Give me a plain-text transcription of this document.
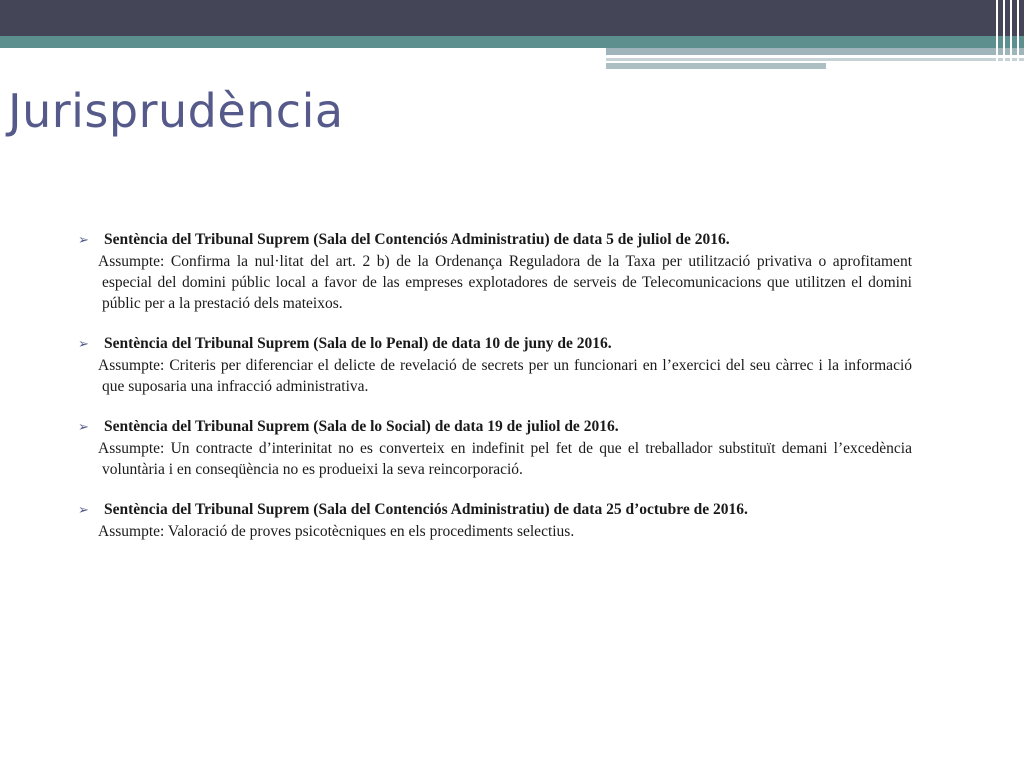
Jurisprudència
➢ Sentència del Tribunal Suprem (Sala del Contenciós Administratiu) de data 5 de juliol de 2016.
Assumpte: Confirma la nul·litat del art. 2 b) de la Ordenança Reguladora de la Taxa per utilització privativa o aprofitament especial del domini públic local a favor de las empreses explotadores de serveis de Telecomunicacions que utilitzen el domini públic per a la prestació dels mateixos.
➢ Sentència del Tribunal Suprem (Sala de lo Penal) de data 10 de juny de 2016.
Assumpte: Criteris per diferenciar el delicte de revelació de secrets per un funcionari en l’exercici del seu càrrec i la informació que suposaria una infracció administrativa.
➢ Sentència del Tribunal Suprem (Sala de lo Social) de data 19 de juliol de 2016.
Assumpte: Un contracte d’interinitat no es converteix en indefinit pel fet de que el treballador substituït demani l’excedència voluntària i en conseqüència no es produeixi la seva reincorporació.
➢ Sentència del Tribunal Suprem (Sala del Contenciós Administratiu) de data 25 d’octubre de 2016.
Assumpte: Valoració de proves psicotècniques en els procediments selectius.
